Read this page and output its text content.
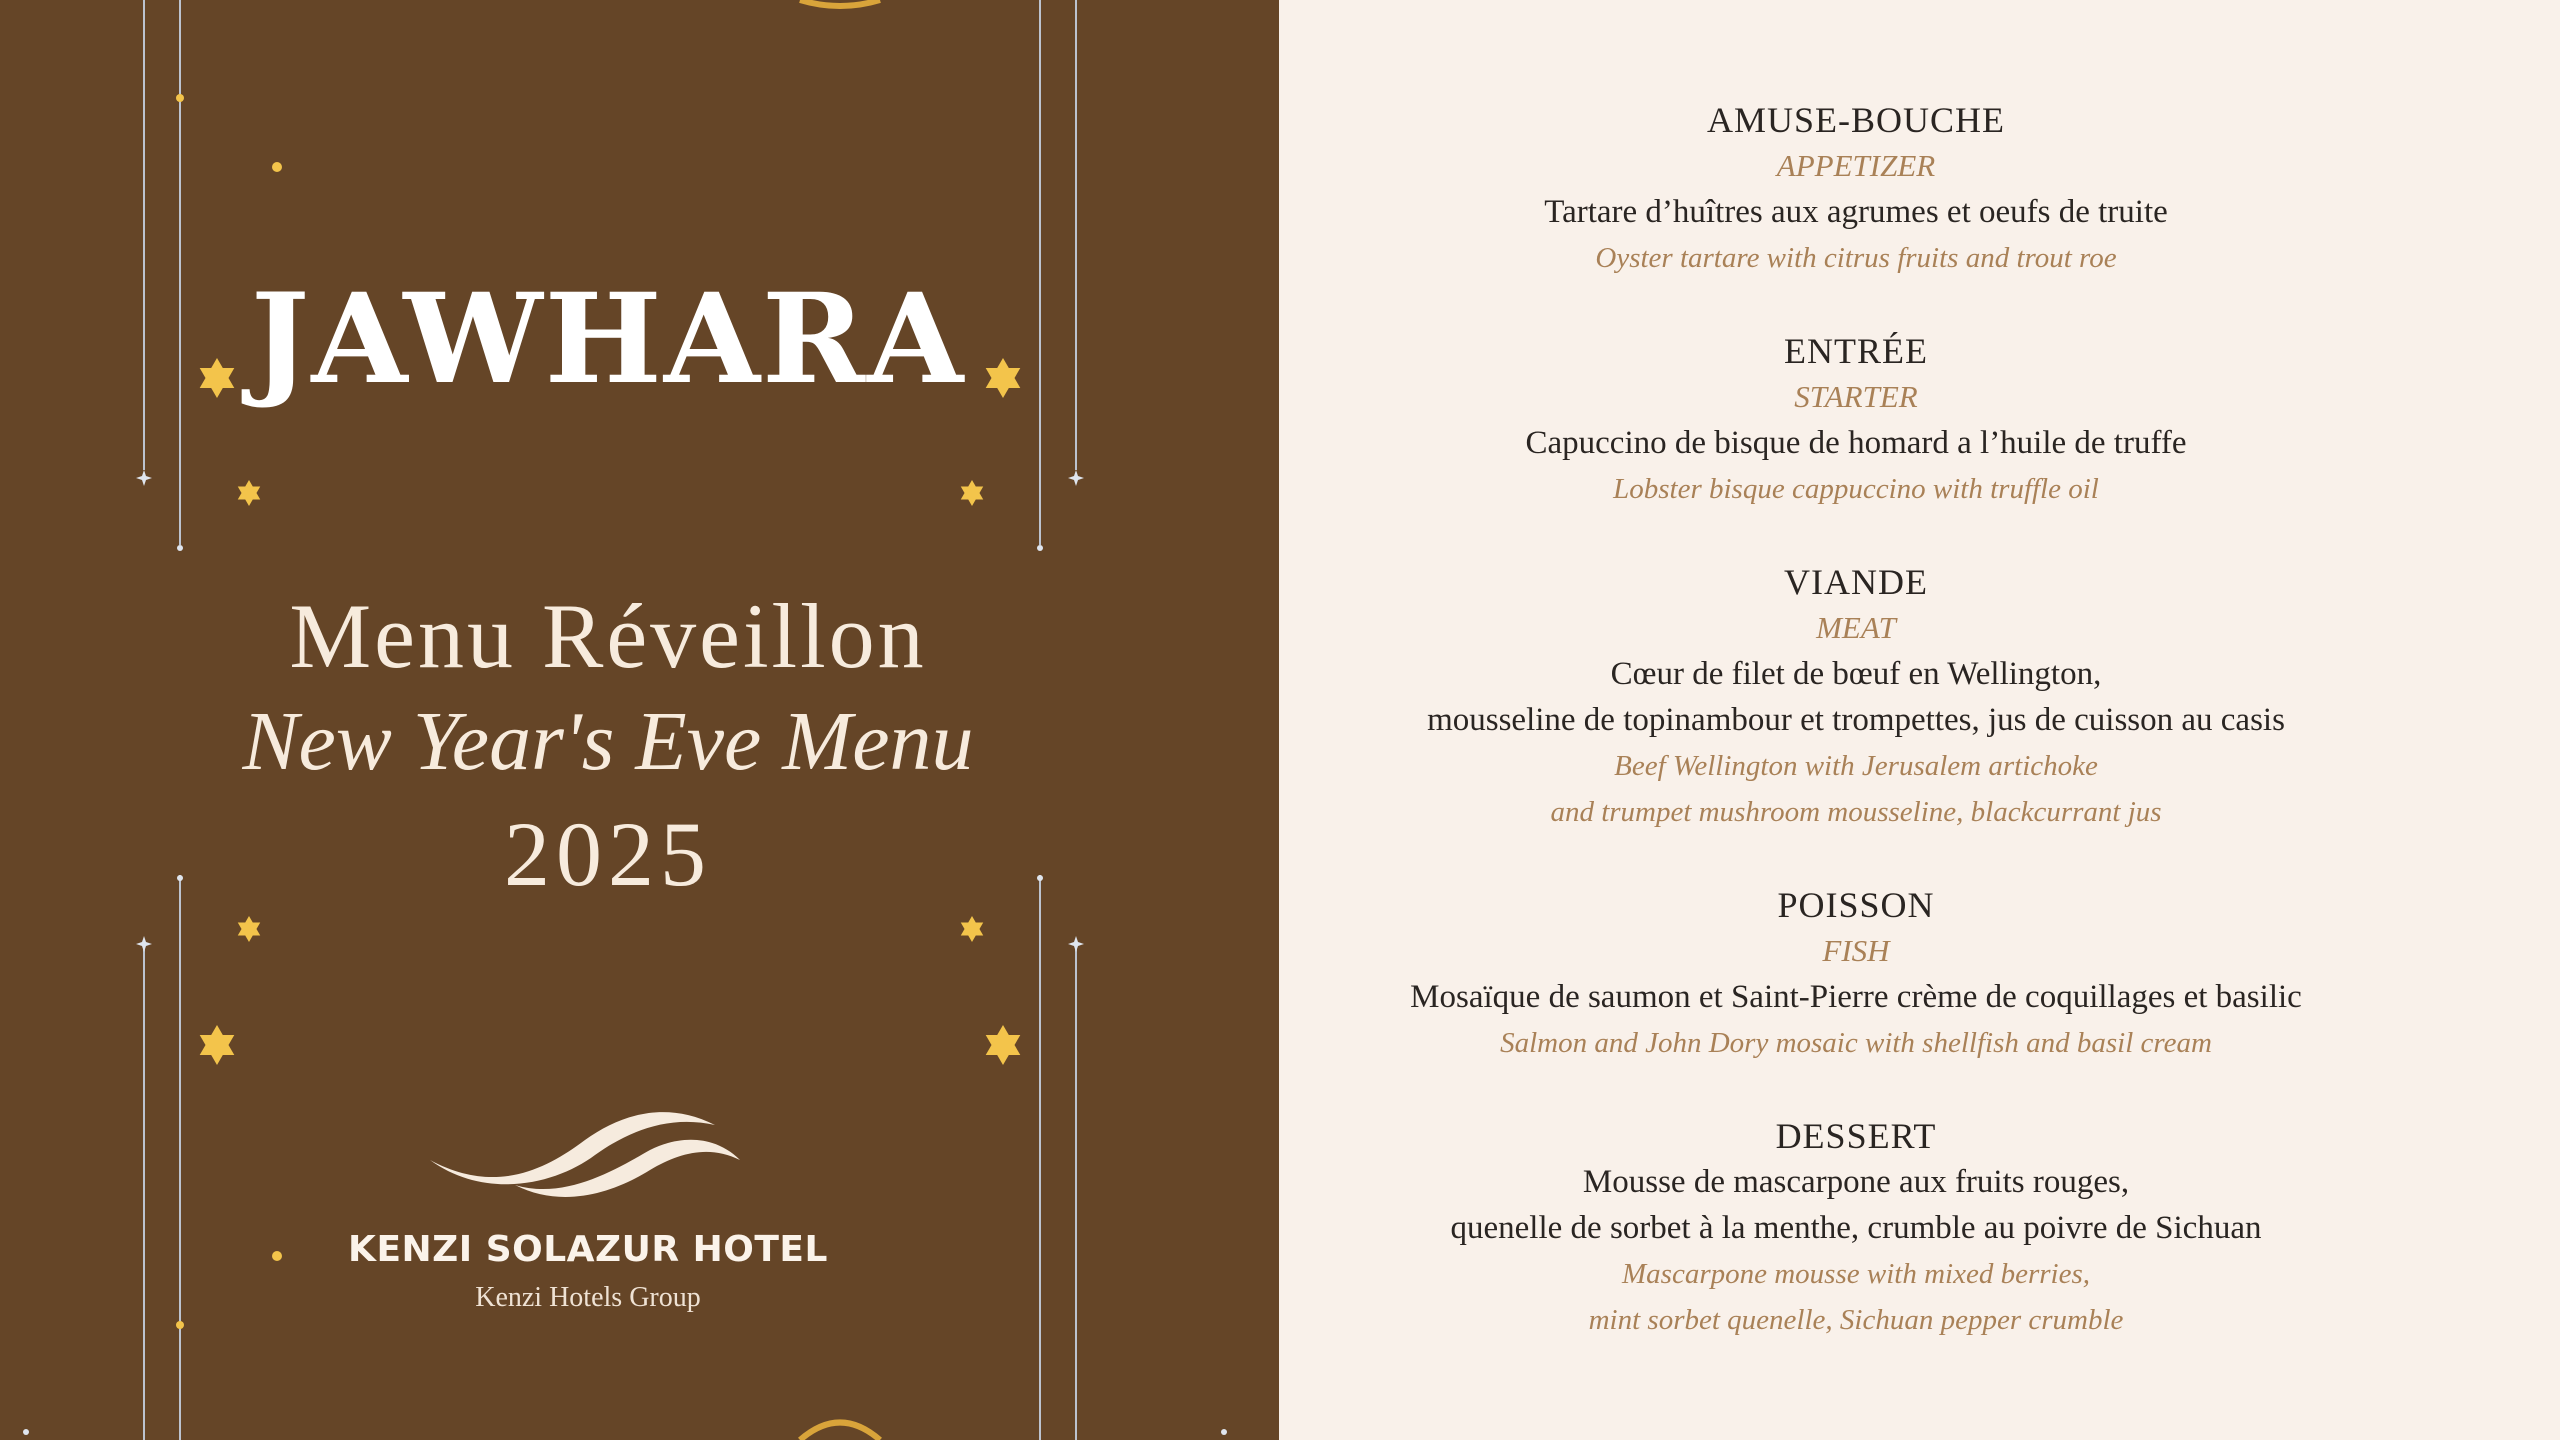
JAWHARA
Menu Réveillon
New Year's Eve Menu
2025
KENZI SOLAZUR HOTEL
Kenzi Hotels Group
AMUSE-BOUCHE
APPETIZER
Tartare d’huîtres aux agrumes et oeufs de truite
Oyster tartare with citrus fruits and trout roe
ENTRÉE
STARTER
Capuccino de bisque de homard a l’huile de truffe
Lobster bisque cappuccino with truffle oil
VIANDE
MEAT
Cœur de filet de bœuf en Wellington,
mousseline de topinambour et trompettes, jus de cuisson au casis
Beef Wellington with Jerusalem artichoke
and trumpet mushroom mousseline, blackcurrant jus
POISSON
FISH
Mosaïque de saumon et Saint-Pierre crème de coquillages et basilic
Salmon and John Dory mosaic with shellfish and basil cream
DESSERT
Mousse de mascarpone aux fruits rouges,
quenelle de sorbet à la menthe, crumble au poivre de Sichuan
Mascarpone mousse with mixed berries,
mint sorbet quenelle, Sichuan pepper crumble
